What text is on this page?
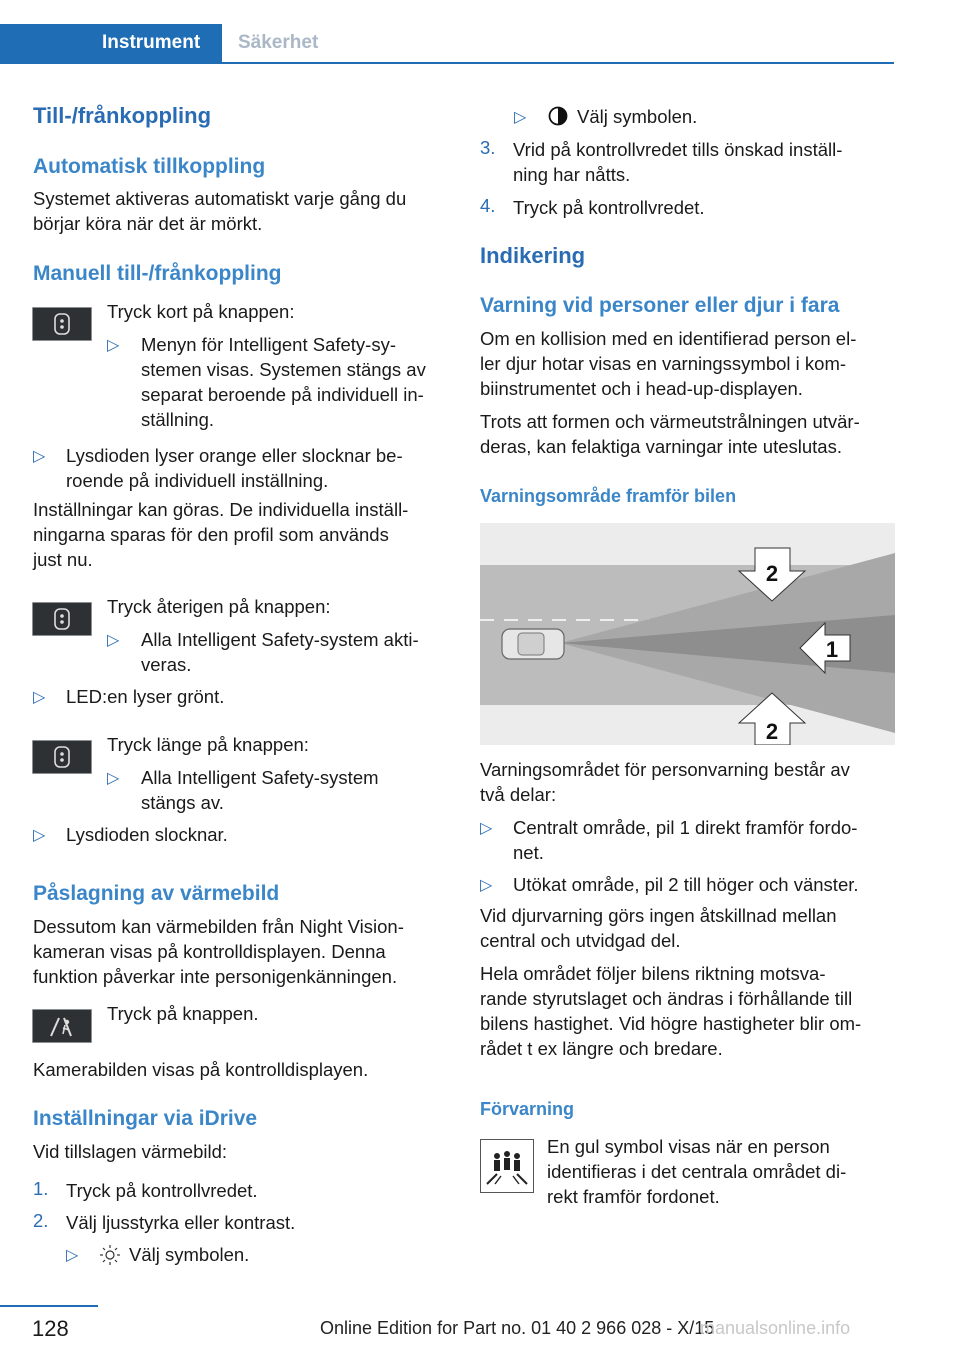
Instrument Säkerhet
Till-/frånkoppling
Automatisk tillkoppling

Systemet aktiveras automatiskt varje gång du börjar köra när det är mörkt.

Manuell till-/frånkoppling
Tryck kort på knappen:
▷ Menyn för Intelligent Safety-sy-
stemen visas. Systemen stängs av
separat beroende på individuell in-
ställning.
▷ Lysdioden lyser orange eller slocknar be-
roende på individuell inställning.
Inställningar kan göras. De individuella inställ-
ningarna sparas för den profil som används
just nu.
Tryck återigen på knappen:
▷ Alla Intelligent Safety-system akti-
veras.
▷ LED:en lyser grönt.
Tryck länge på knappen:
▷ Alla Intelligent Safety-system
stängs av.
▷ Lysdioden slocknar.
Påslagning av värmebild
Dessutom kan värmebilden från Night Vision-
kameran visas på kontrolldisplayen. Denna
funktion påverkar inte personigenkänningen.
Tryck på knappen.
Kamerabilden visas på kontrolldisplayen.
Inställningar via iDrive
Vid tillslagen värmebild:
1. Tryck på kontrollvredet.
2. Välj ljusstyrka eller kontrast.
▷	Välj symbolen.
▷	Välj symbolen.
3. Vrid på kontrollvredet tills önskad inställ-
ning har nåtts.
4. Tryck på kontrollvredet.
Indikering
Varning vid personer eller djur i fara
Om en kollision med en identifierad person el-
ler djur hotar visas en varningssymbol i kom-
biinstrumentet och i head-up-displayen.
Trots att formen och värmeutstrålningen utvär-
deras, kan felaktiga varningar inte uteslutas.
Varningsområde framför bilen
2
1
2
Varningsområdet för personvarning består av
två delar:
▷ Centralt område, pil 1 direkt framför fordo-
net.
▷ Utökat område, pil 2 till höger och vänster.
Vid djurvarning görs ingen åtskillnad mellan
central och utvidgad del.
Hela området följer bilens riktning motsva-
rande styrutslaget och ändras i förhållande till
bilens hastighet. Vid högre hastigheter blir om-
rådet t ex längre och bredare.
Förvarning
En gul symbol visas när en person
identifieras i det centrala området di-
rekt framför fordonet.
128	Online Edition for Part no. 01 40 2 966 028 - X/15
manualsonline.info
